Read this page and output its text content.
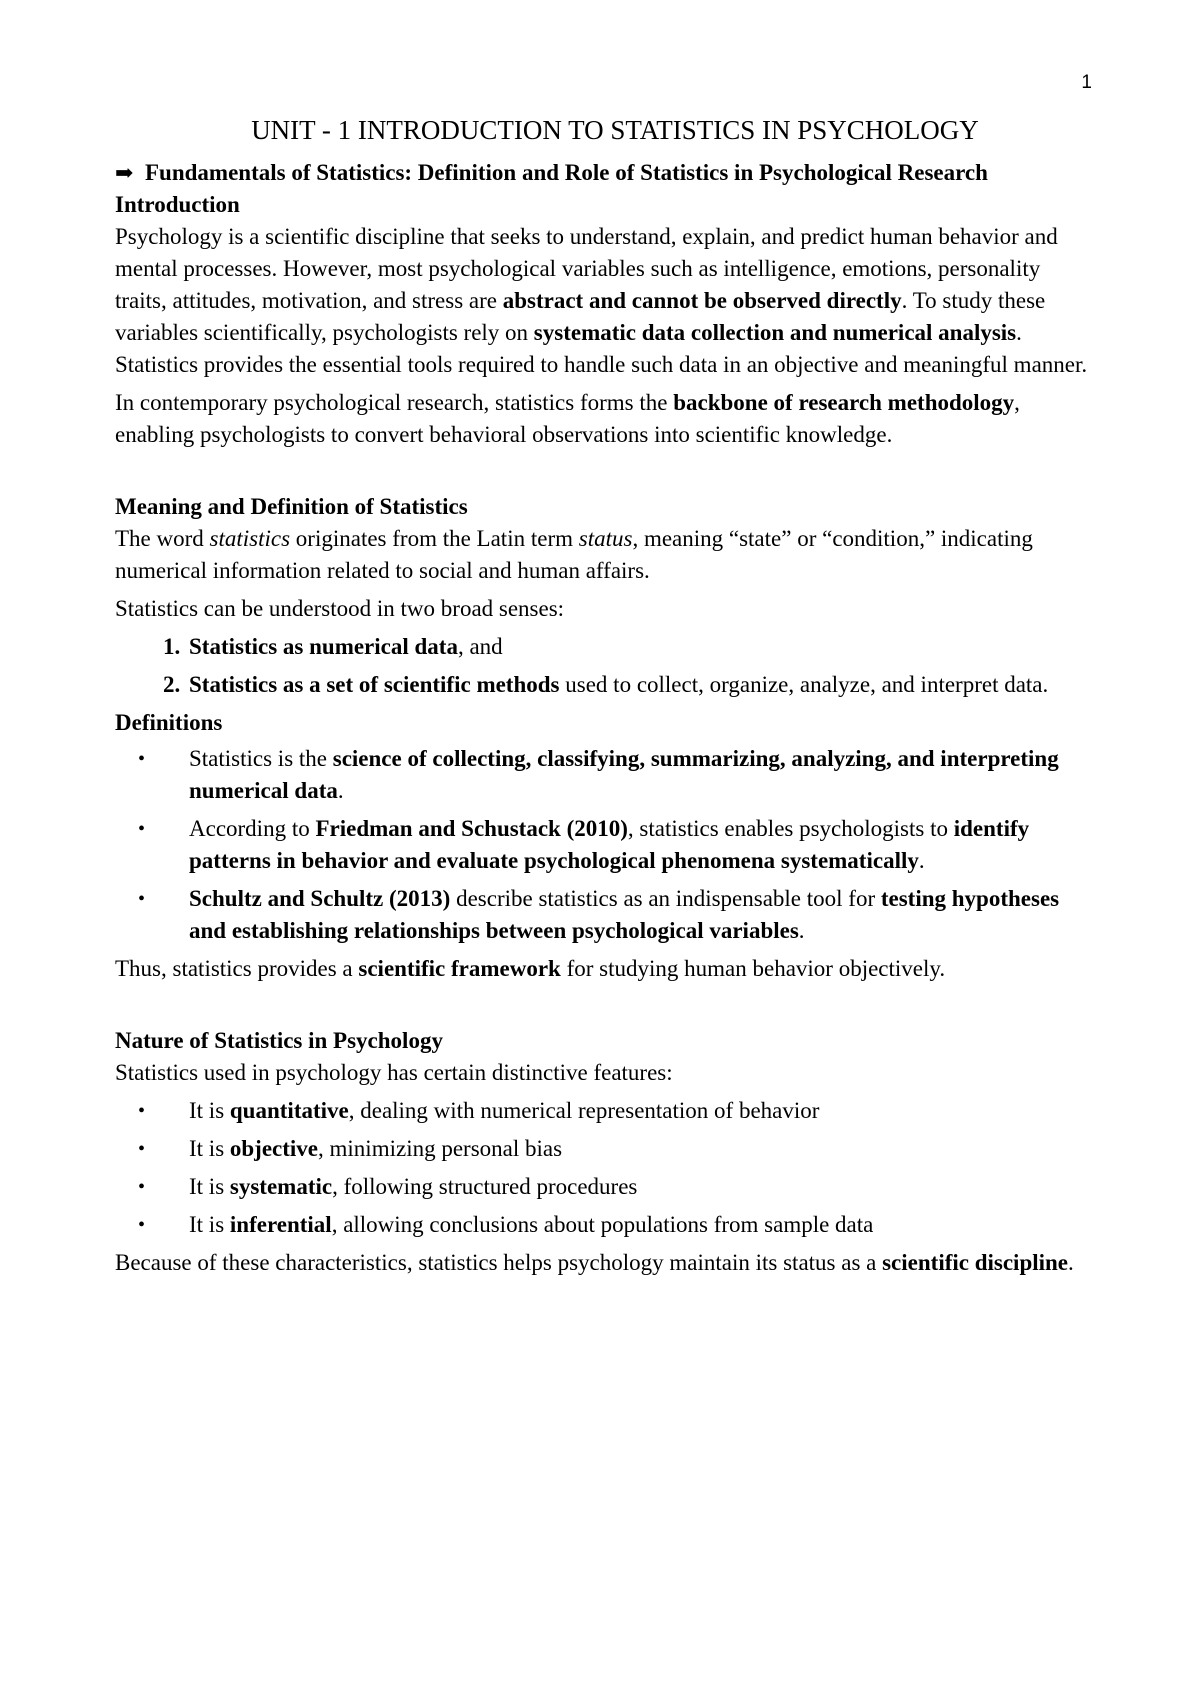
1
UNIT - 1 INTRODUCTION TO STATISTICS IN PSYCHOLOGY

➡ Fundamentals of Statistics: Definition and Role of Statistics in Psychological Research

Introduction

Psychology is a scientific discipline that seeks to understand, explain, and predict human behavior and mental processes. However, most psychological variables such as intelligence, emotions, personality traits, attitudes, motivation, and stress are abstract and cannot be observed directly. To study these variables scientifically, psychologists rely on systematic data collection and numerical analysis. Statistics provides the essential tools required to handle such data in an objective and meaningful manner.

In contemporary psychological research, statistics forms the backbone of research methodology, enabling psychologists to convert behavioral observations into scientific knowledge.

Meaning and Definition of Statistics

The word statistics originates from the Latin term status, meaning “state” or “condition,” indicating numerical information related to social and human affairs.

Statistics can be understood in two broad senses:

1. Statistics as numerical data, and
2. Statistics as a set of scientific methods used to collect, organize, analyze, and interpret data.

Definitions

•	Statistics is the science of collecting, classifying, summarizing, analyzing, and interpreting numerical data.
•	According to Friedman and Schustack (2010), statistics enables psychologists to identify patterns in behavior and evaluate psychological phenomena systematically.
•	Schultz and Schultz (2013) describe statistics as an indispensable tool for testing hypotheses and establishing relationships between psychological variables.

Thus, statistics provides a scientific framework for studying human behavior objectively.

Nature of Statistics in Psychology

Statistics used in psychology has certain distinctive features:

•	It is quantitative, dealing with numerical representation of behavior
•	It is objective, minimizing personal bias
•	It is systematic, following structured procedures
•	It is inferential, allowing conclusions about populations from sample data

Because of these characteristics, statistics helps psychology maintain its status as a scientific discipline.
